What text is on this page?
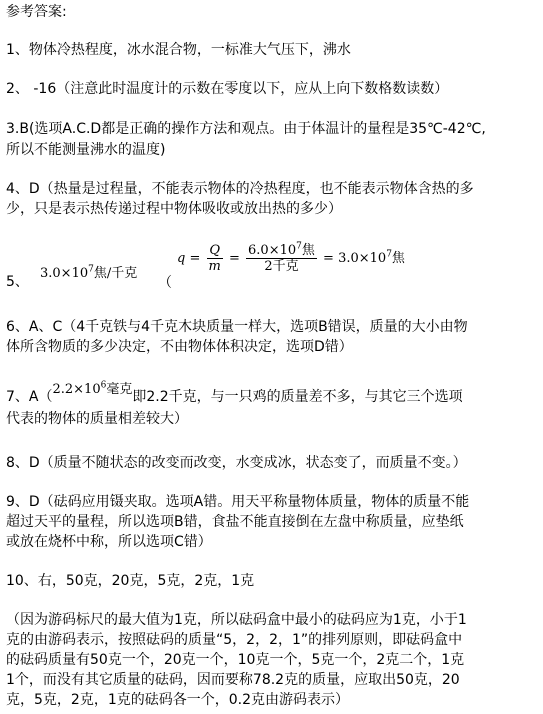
参考答案:
1、物体冷热程度，冰水混合物，一标准大气压下，沸水
2、 -16（注意此时温度计的示数在零度以下，应从上向下数格数读数）
3.B(选项A.C.D都是正确的操作方法和观点。由于体温计的量程是35℃-42℃,
所以不能测量沸水的温度)
4、D（热量是过程量，不能表示物体的冷热程度，也不能表示物体含热的多
少，只是表示热传递过程中物体吸收或放出热的多少）
5、
$3.0\times 10^7$焦/千克
（
$q = \frac{Q}{m} = \frac{6.0\times 10^7焦}{\text{2千克}} = 3.0\times 10^7$焦
6、A、C（4千克铁与4千克木块质量一样大，选项B错误，质量的大小由物
体所含物质的多少决定，不由物体体积决定，选项D错）
7、$A(2.2\times 10^6$毫克即2.2千克，与一只鸡的质量差不多，与其它三个选项
代表的物体的质量相差较大）
8、D（质量不随状态的改变而改变，水变成冰，状态变了，而质量不变。）
9、D（砝码应用镊夹取。选项A错。用天平称量物体质量，物体的质量不能
超过天平的量程，所以选项B错，食盐不能直接倒在左盘中称质量，应垫纸
或放在烧杯中称，所以选项C错）
10、右，50克，20克，5克，2克，1克
（因为游码标尺的最大值为1克，所以砝码盒中最小的砝码应为1克，小于1
克的由游码表示，按照砝码的质量“5，2，2，1”的排列原则，即砝码盒中
的砝码质量有50克一个，20克一个，10克一个，5克一个，2克二个，1克
1个，而没有其它质量的砝码，因而要称78.2克的质量，应取出50克，20
克，5克，2克，1克的砝码各一个，0.2克由游码表示）
